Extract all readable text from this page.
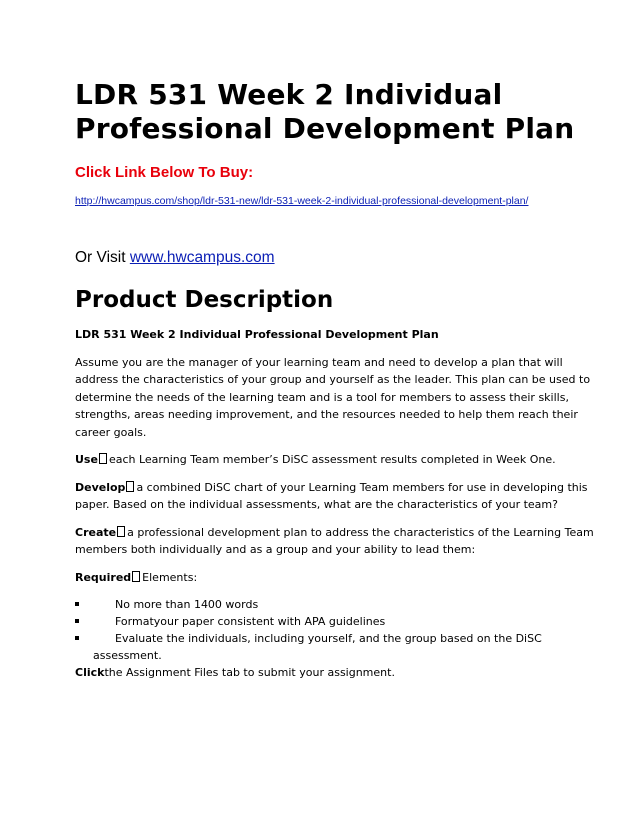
LDR 531 Week 2 Individual Professional Development Plan
Click Link Below To Buy:
http://hwcampus.com/shop/ldr-531-new/ldr-531-week-2-individual-professional-development-plan/
Or Visit www.hwcampus.com
Product Description

LDR 531 Week 2 Individual Professional Development Plan

Assume you are the manager of your learning team and need to develop a plan that will address the characteristics of your group and yourself as the leader. This plan can be used to determine the needs of the learning team and is a tool for members to assess their skills, strengths, areas needing improvement, and the resources needed to help them reach their career goals.

Use each Learning Team member’s DiSC assessment results completed in Week One.

Develop a combined DiSC chart of your Learning Team members for use in developing this paper. Based on the individual assessments, what are the characteristics of your team?

Create a professional development plan to address the characteristics of the Learning Team members both individually and as a group and your ability to lead them:

Required Elements:

No more than 1400 words
Formatyour paper consistent with APA guidelines
Evaluate the individuals, including yourself, and the group based on the DiSC
assessment.

Clickthe Assignment Files tab to submit your assignment.
